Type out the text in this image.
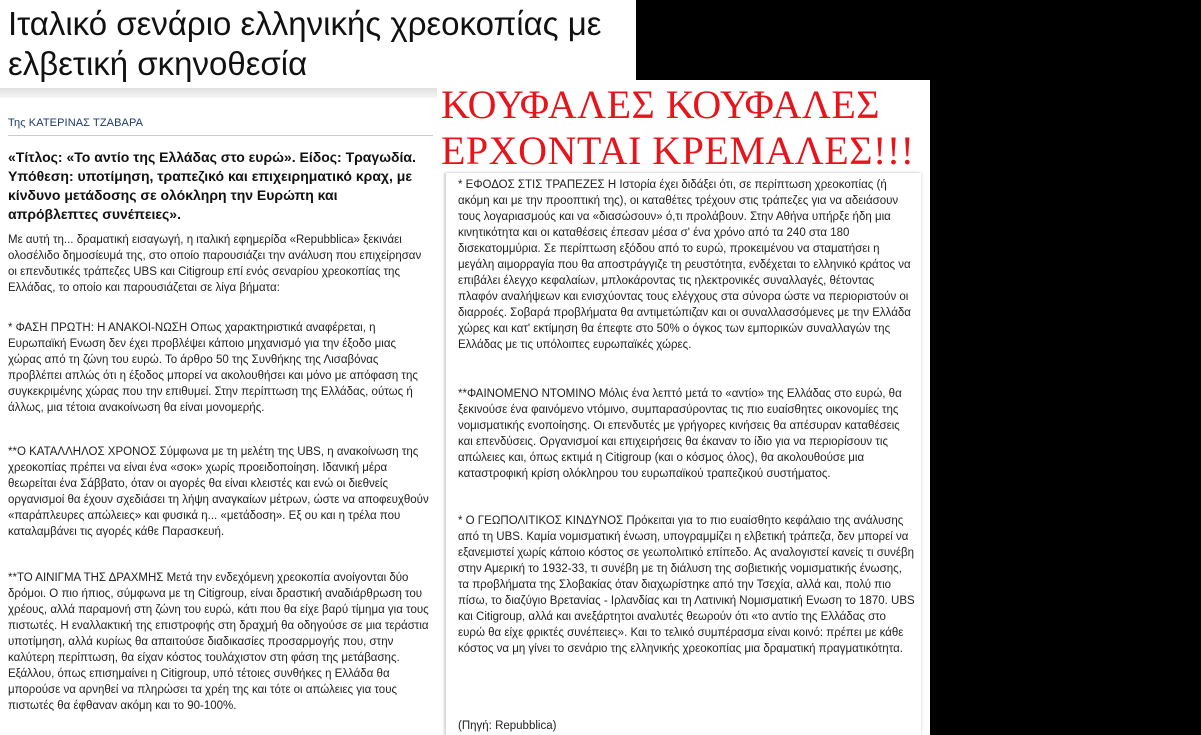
Ιταλικό σενάριο ελληνικής χρεοκοπίας με ελβετική σκηνοθεσία
Της ΚΑΤΕΡΙΝΑΣ ΤΖΑΒΑΡΑ
«Τίτλος: «Το αντίο της Ελλάδας στο ευρώ». Είδος: Τραγωδία. Υπόθεση: υποτίμηση, τραπεζικό και επιχειρηματικό κραχ, με κίνδυνο μετάδοσης σε ολόκληρη την Ευρώπη και απρόβλεπτες συνέπειες».
Με αυτή τη... δραματική εισαγωγή, η ιταλική εφημερίδα «Repubblica» ξεκινάει ολοσέλιδο δημοσίευμά της, στο οποίο παρουσιάζει την ανάλυση που επιχείρησαν οι επενδυτικές τράπεζες UBS και Citigroup επί ενός σεναρίου χρεοκοπίας της Ελλάδας, το οποίο και παρουσιάζεται σε λίγα βήματα:
* ΦΑΣΗ ΠΡΩΤΗ: Η ΑΝΑΚΟΙ-ΝΩΣΗ Οπως χαρακτηριστικά αναφέρεται, η Ευρωπαϊκή Ενωση δεν έχει προβλέψει κάποιο μηχανισμό για την έξοδο μιας χώρας από τη ζώνη του ευρώ. Το άρθρο 50 της Συνθήκης της Λισαβόνας προβλέπει απλώς ότι η έξοδος μπορεί να ακολουθήσει και μόνο με απόφαση της συγκεκριμένης χώρας που την επιθυμεί. Στην περίπτωση της Ελλάδας, ούτως ή άλλως, μια τέτοια ανακοίνωση θα είναι μονομερής.
**Ο ΚΑΤΑΛΛΗΛΟΣ ΧΡΟΝΟΣ Σύμφωνα με τη μελέτη της UBS, η ανακοίνωση της χρεοκοπίας πρέπει να είναι ένα «σοκ» χωρίς προειδοποίηση. Ιδανική μέρα θεωρείται ένα Σάββατο, όταν οι αγορές θα είναι κλειστές και ενώ οι διεθνείς οργανισμοί θα έχουν σχεδιάσει τη λήψη αναγκαίων μέτρων, ώστε να αποφευχθούν «παράπλευρες απώλειες» και φυσικά η... «μετάδοση». Εξ ου και η τρέλα που καταλαμβάνει τις αγορές κάθε Παρασκευή.
**ΤΟ ΑΙΝΙΓΜΑ ΤΗΣ ΔΡΑΧΜΗΣ Μετά την ενδεχόμενη χρεοκοπία ανοίγονται δύο δρόμοι. Ο πιο ήπιος, σύμφωνα με τη Citigroup, είναι δραστική αναδιάρθρωση του χρέους, αλλά παραμονή στη ζώνη του ευρώ, κάτι που θα είχε βαρύ τίμημα για τους πιστωτές. Η εναλλακτική της επιστροφής στη δραχμή θα οδηγούσε σε μια τεράστια υποτίμηση, αλλά κυρίως θα απαιτούσε διαδικασίες προσαρμογής που, στην καλύτερη περίπτωση, θα είχαν κόστος τουλάχιστον στη φάση της μετάβασης. Εξάλλου, όπως επισημαίνει η Citigroup, υπό τέτοιες συνθήκες η Ελλάδα θα μπορούσε να αρνηθεί να πληρώσει τα χρέη της και τότε οι απώλειες για τους πιστωτές θα έφθαναν ακόμη και το 90-100%.
ΚΟΥΦΑΛΕΣ ΚΟΥΦΑΛΕΣ ΕΡΧΟΝΤΑΙ ΚΡΕΜΑΛΕΣ!!!
* ΕΦΟΔΟΣ ΣΤΙΣ ΤΡΑΠΕΖΕΣ Η Ιστορία έχει διδάξει ότι, σε περίπτωση χρεοκοπίας (ή ακόμη και με την προοπτική της), οι καταθέτες τρέχουν στις τράπεζες για να αδειάσουν τους λογαριασμούς και να «διασώσουν» ό,τι προλάβουν. Στην Αθήνα υπήρξε ήδη μια κινητικότητα και οι καταθέσεις έπεσαν μέσα σ' ένα χρόνο από τα 240 στα 180 δισεκατομμύρια. Σε περίπτωση εξόδου από το ευρώ, προκειμένου να σταματήσει η μεγάλη αιμορραγία που θα αποστράγγιζε τη ρευστότητα, ενδέχεται το ελληνικό κράτος να επιβάλει έλεγχο κεφαλαίων, μπλοκάροντας τις ηλεκτρονικές συναλλαγές, θέτοντας πλαφόν αναλήψεων και ενισχύοντας τους ελέγχους στα σύνορα ώστε να περιοριστούν οι διαρροές. Σοβαρά προβλήματα θα αντιμετώπιζαν και οι συναλλασσόμενες με την Ελλάδα χώρες και κατ' εκτίμηση θα έπεφτε στο 50% ο όγκος των εμπορικών συναλλαγών της Ελλάδας με τις υπόλοιπες ευρωπαϊκές χώρες.
**ΦΑΙΝΟΜΕΝΟ ΝΤΟΜΙΝΟ Μόλις ένα λεπτό μετά το «αντίο» της Ελλάδας στο ευρώ, θα ξεκινούσε ένα φαινόμενο ντόμινο, συμπαρασύροντας τις πιο ευαίσθητες οικονομίες της νομισματικής ενοποίησης. Οι επενδυτές με γρήγορες κινήσεις θα απέσυραν καταθέσεις και επενδύσεις. Οργανισμοί και επιχειρήσεις θα έκαναν το ίδιο για να περιορίσουν τις απώλειες και, όπως εκτιμά η Citigroup (και ο κόσμος όλος), θα ακολουθούσε μια καταστροφική κρίση ολόκληρου του ευρωπαϊκού τραπεζικού συστήματος.
* Ο ΓΕΩΠΟΛΙΤΙΚΟΣ ΚΙΝΔΥΝΟΣ Πρόκειται για το πιο ευαίσθητο κεφάλαιο της ανάλυσης από τη UBS. Καμία νομισματική ένωση, υπογραμμίζει η ελβετική τράπεζα, δεν μπορεί να εξανεμιστεί χωρίς κάποιο κόστος σε γεωπολιτικό επίπεδο. Ας αναλογιστεί κανείς τι συνέβη στην Αμερική το 1932-33, τι συνέβη με τη διάλυση της σοβιετικής νομισματικής ένωσης, τα προβλήματα της Σλοβακίας όταν διαχωρίστηκε από την Τσεχία, αλλά και, πολύ πιο πίσω, το διαζύγιο Βρετανίας - Ιρλανδίας και τη Λατινική Νομισματική Ενωση το 1870. UBS και Citigroup, αλλά και ανεξάρτητοι αναλυτές θεωρούν ότι «το αντίο της Ελλάδας στο ευρώ θα είχε φρικτές συνέπειες». Και το τελικό συμπέρασμα είναι κοινό: πρέπει με κάθε κόστος να μη γίνει το σενάριο της ελληνικής χρεοκοπίας μια δραματική πραγματικότητα.
(Πηγή: Repubblica)
